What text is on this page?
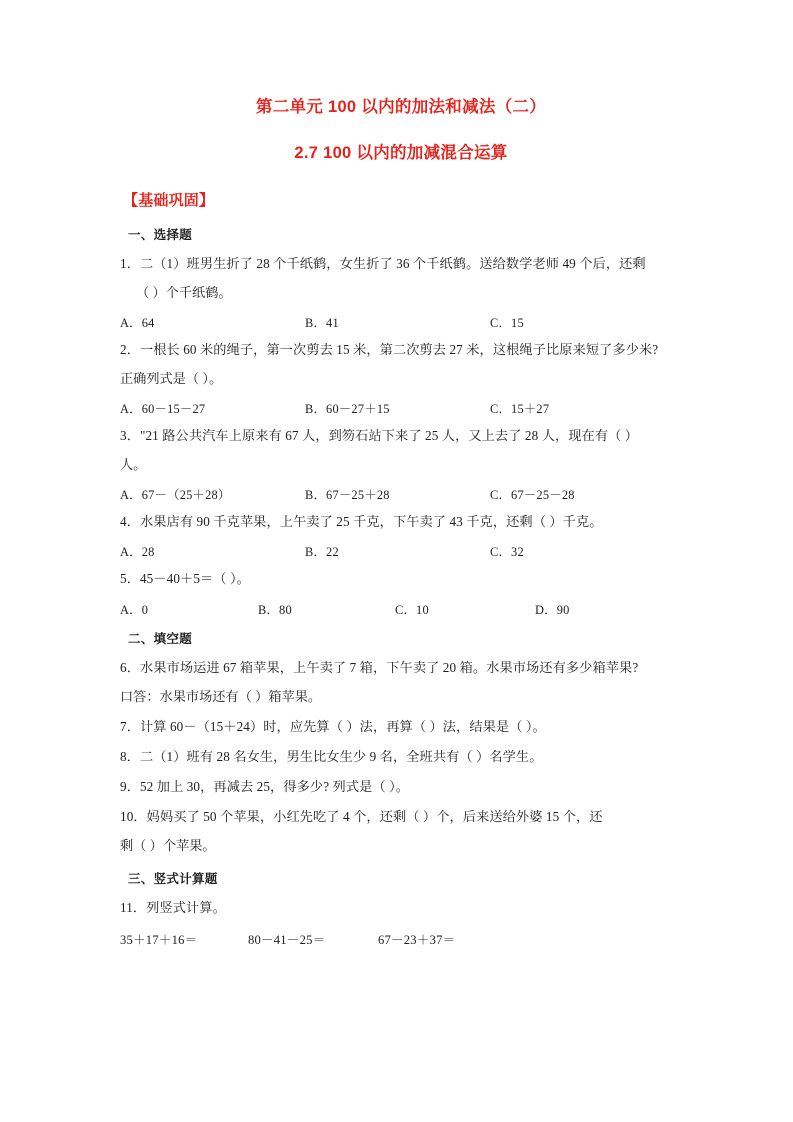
第二单元 100 以内的加法和减法（二）
2.7 100 以内的加减混合运算
【基础巩固】
一、选择题
1．二（1）班男生折了 28 个千纸鹤，女生折了 36 个千纸鹤。送给数学老师 49 个后，还剩
（ ）个千纸鹤。
A．64	B．41	C．15
2．一根长 60 米的绳子，第一次剪去 15 米，第二次剪去 27 米，这根绳子比原来短了多少米?
正确列式是（ ）。
A．60－15－27	B．60－27＋15	C．15＋27
3．"21 路公共汽车上原来有 67 人，到笏石站下来了 25 人，又上去了 28 人，现在有（ ）
人。
A．67－（25＋28）	B．67－25＋28	C．67－25－28
4．水果店有 90 千克苹果，上午卖了 25 千克，下午卖了 43 千克，还剩（ ）千克。
A．28	B．22	C．32
5．45－40＋5＝（ ）。
A．0	B．80	C．10	D．90
二、填空题
6．水果市场运进 67 箱苹果，上午卖了 7 箱，下午卖了 20 箱。水果市场还有多少箱苹果?
口答：水果市场还有（ ）箱苹果。
7．计算 60－（15＋24）时，应先算（ ）法，再算（ ）法，结果是（ ）。
8．二（1）班有 28 名女生，男生比女生少 9 名，全班共有（ ）名学生。
9．52 加上 30，再减去 25，得多少? 列式是（ ）。
10．妈妈买了 50 个苹果，小红先吃了 4 个，还剩（ ）个，后来送给外婆 15 个，还
剩（ ）个苹果。
三、竖式计算题
11．列竖式计算。
35＋17＋16＝	80－41－25＝	67－23＋37＝
